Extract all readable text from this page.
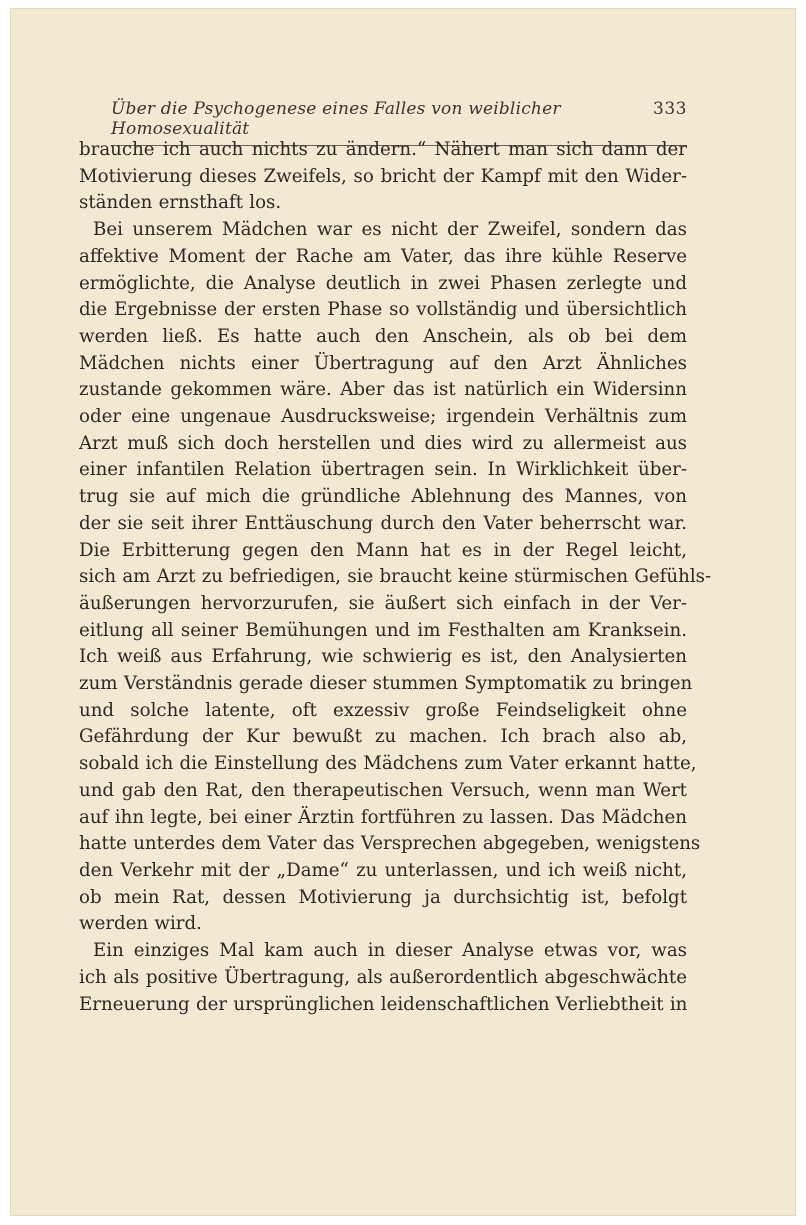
Über die Psychogenese eines Falles von weiblicher Homosexualität
333

brauche ich auch nichts zu ändern.“ Nähert man sich dann der
Motivierung dieses Zweifels, so bricht der Kampf mit den Wider-
ständen ernsthaft los.

Bei unserem Mädchen war es nicht der Zweifel, sondern das
affektive Moment der Rache am Vater, das ihre kühle Reserve
ermöglichte, die Analyse deutlich in zwei Phasen zerlegte und
die Ergebnisse der ersten Phase so vollständig und übersichtlich
werden ließ. Es hatte auch den Anschein, als ob bei dem
Mädchen nichts einer Übertragung auf den Arzt Ähnliches
zustande gekommen wäre. Aber das ist natürlich ein Widersinn
oder eine ungenaue Ausdrucksweise; irgendein Verhältnis zum
Arzt muß sich doch herstellen und dies wird zu allermeist aus
einer infantilen Relation übertragen sein. In Wirklichkeit über-
trug sie auf mich die gründliche Ablehnung des Mannes, von
der sie seit ihrer Enttäuschung durch den Vater beherrscht war.
Die Erbitterung gegen den Mann hat es in der Regel leicht,
sich am Arzt zu befriedigen, sie braucht keine stürmischen Gefühls-
äußerungen hervorzurufen, sie äußert sich einfach in der Ver-
eitlung all seiner Bemühungen und im Festhalten am Kranksein.
Ich weiß aus Erfahrung, wie schwierig es ist, den Analysierten
zum Verständnis gerade dieser stummen Symptomatik zu bringen
und solche latente, oft exzessiv große Feindseligkeit ohne
Gefährdung der Kur bewußt zu machen. Ich brach also ab,
sobald ich die Einstellung des Mädchens zum Vater erkannt hatte,
und gab den Rat, den therapeutischen Versuch, wenn man Wert
auf ihn legte, bei einer Ärztin fortführen zu lassen. Das Mädchen
hatte unterdes dem Vater das Versprechen abgegeben, wenigstens
den Verkehr mit der „Dame“ zu unterlassen, und ich weiß nicht,
ob mein Rat, dessen Motivierung ja durchsichtig ist, befolgt
werden wird.

Ein einziges Mal kam auch in dieser Analyse etwas vor, was
ich als positive Übertragung, als außerordentlich abgeschwächte
Erneuerung der ursprünglichen leidenschaftlichen Verliebtheit in
